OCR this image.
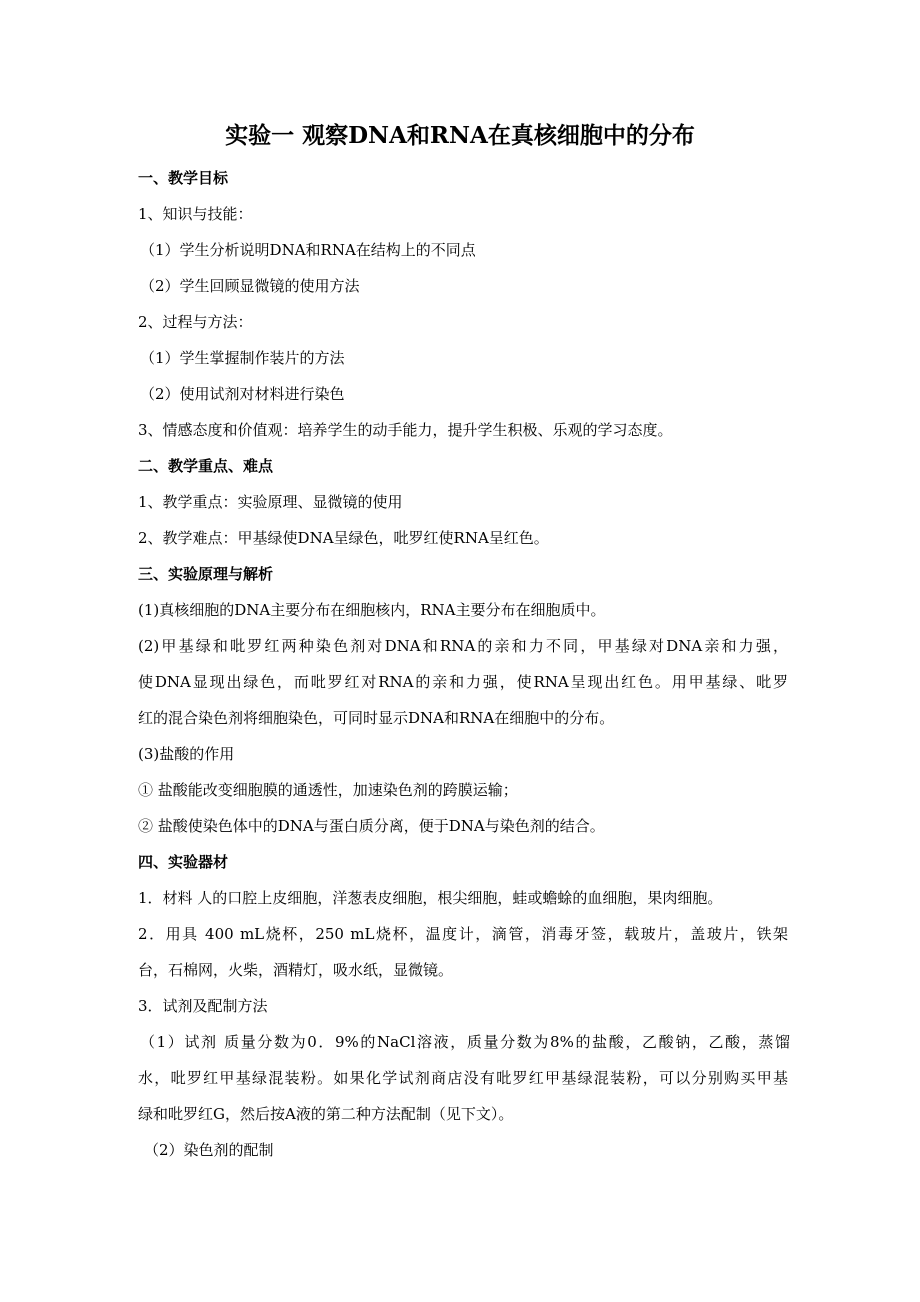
实验一 观察DNA和RNA在真核细胞中的分布
一、教学目标
1、知识与技能：
（1）学生分析说明DNA和RNA在结构上的不同点
（2）学生回顾显微镜的使用方法
2、过程与方法：
（1）学生掌握制作装片的方法
（2）使用试剂对材料进行染色
3、情感态度和价值观：培养学生的动手能力，提升学生积极、乐观的学习态度。
二、教学重点、难点
1、教学重点：实验原理、显微镜的使用
2、教学难点：甲基绿使DNA呈绿色，吡罗红使RNA呈红色。
三、实验原理与解析
(1)真核细胞的DNA主要分布在细胞核内，RNA主要分布在细胞质中。
(2)甲基绿和吡罗红两种染色剂对DNA和RNA的亲和力不同，甲基绿对DNA亲和力强，
使DNA显现出绿色，而吡罗红对RNA的亲和力强，使RNA呈现出红色。用甲基绿、吡罗
红的混合染色剂将细胞染色，可同时显示DNA和RNA在细胞中的分布。
(3)盐酸的作用
① 盐酸能改变细胞膜的通透性，加速染色剂的跨膜运输；
② 盐酸使染色体中的DNA与蛋白质分离，便于DNA与染色剂的结合。
四、实验器材
1．材料 人的口腔上皮细胞，洋葱表皮细胞，根尖细胞，蛙或蟾蜍的血细胞，果肉细胞。
2．用具 400 mL烧杯，250 mL烧杯，温度计，滴管，消毒牙签，载玻片，盖玻片，铁架
台，石棉网，火柴，酒精灯，吸水纸，显微镜。
3．试剂及配制方法
（1）试剂 质量分数为0．9%的NaCl溶液，质量分数为8%的盐酸，乙酸钠，乙酸，蒸馏
水，吡罗红甲基绿混装粉。如果化学试剂商店没有吡罗红甲基绿混装粉，可以分别购买甲基
绿和吡罗红G，然后按A液的第二种方法配制（见下文）。
（2）染色剂的配制
